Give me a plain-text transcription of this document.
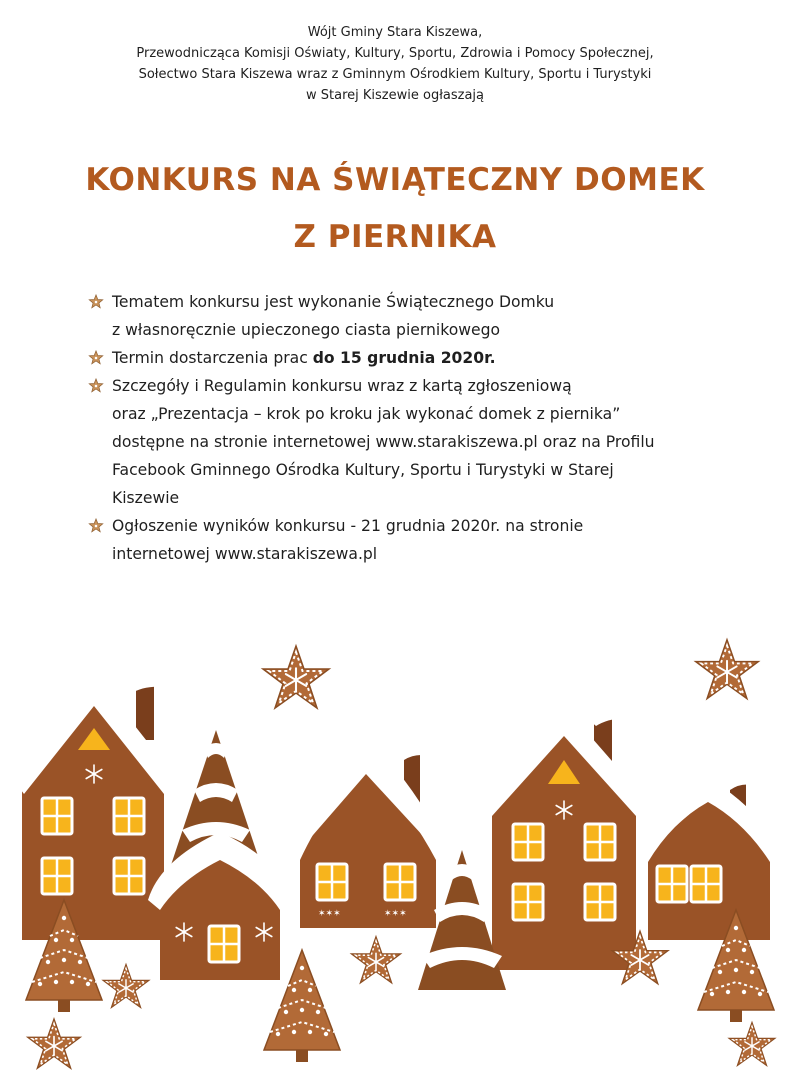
Wójt Gminy Stara Kiszewa,
Przewodnicząca Komisji Oświaty, Kultury, Sportu, Zdrowia i Pomocy Społecznej,
Sołectwo Stara Kiszewa wraz z Gminnym Ośrodkiem Kultury, Sportu i Turystyki
w Starej Kiszewie ogłaszają
KONKURS NA ŚWIĄTECZNY DOMEK
Z PIERNIKA
Tematem konkursu jest wykonanie Świątecznego Domku
z własnoręcznie upieczonego ciasta piernikowego
Termin dostarczenia prac do 15 grudnia 2020r.
Szczegóły i Regulamin konkursu wraz z kartą zgłoszeniową
oraz „Prezentacja – krok po kroku jak wykonać domek z piernika”
dostępne na stronie internetowej www.starakiszewa.pl oraz na Profilu
Facebook Gminnego Ośrodka Kultury, Sportu i Turystyki w Starej
Kiszewie
Ogłoszenie wyników konkursu - 21 grudnia 2020r. na stronie
internetowej www.starakiszewa.pl
✶✶✶	✶✶✶
